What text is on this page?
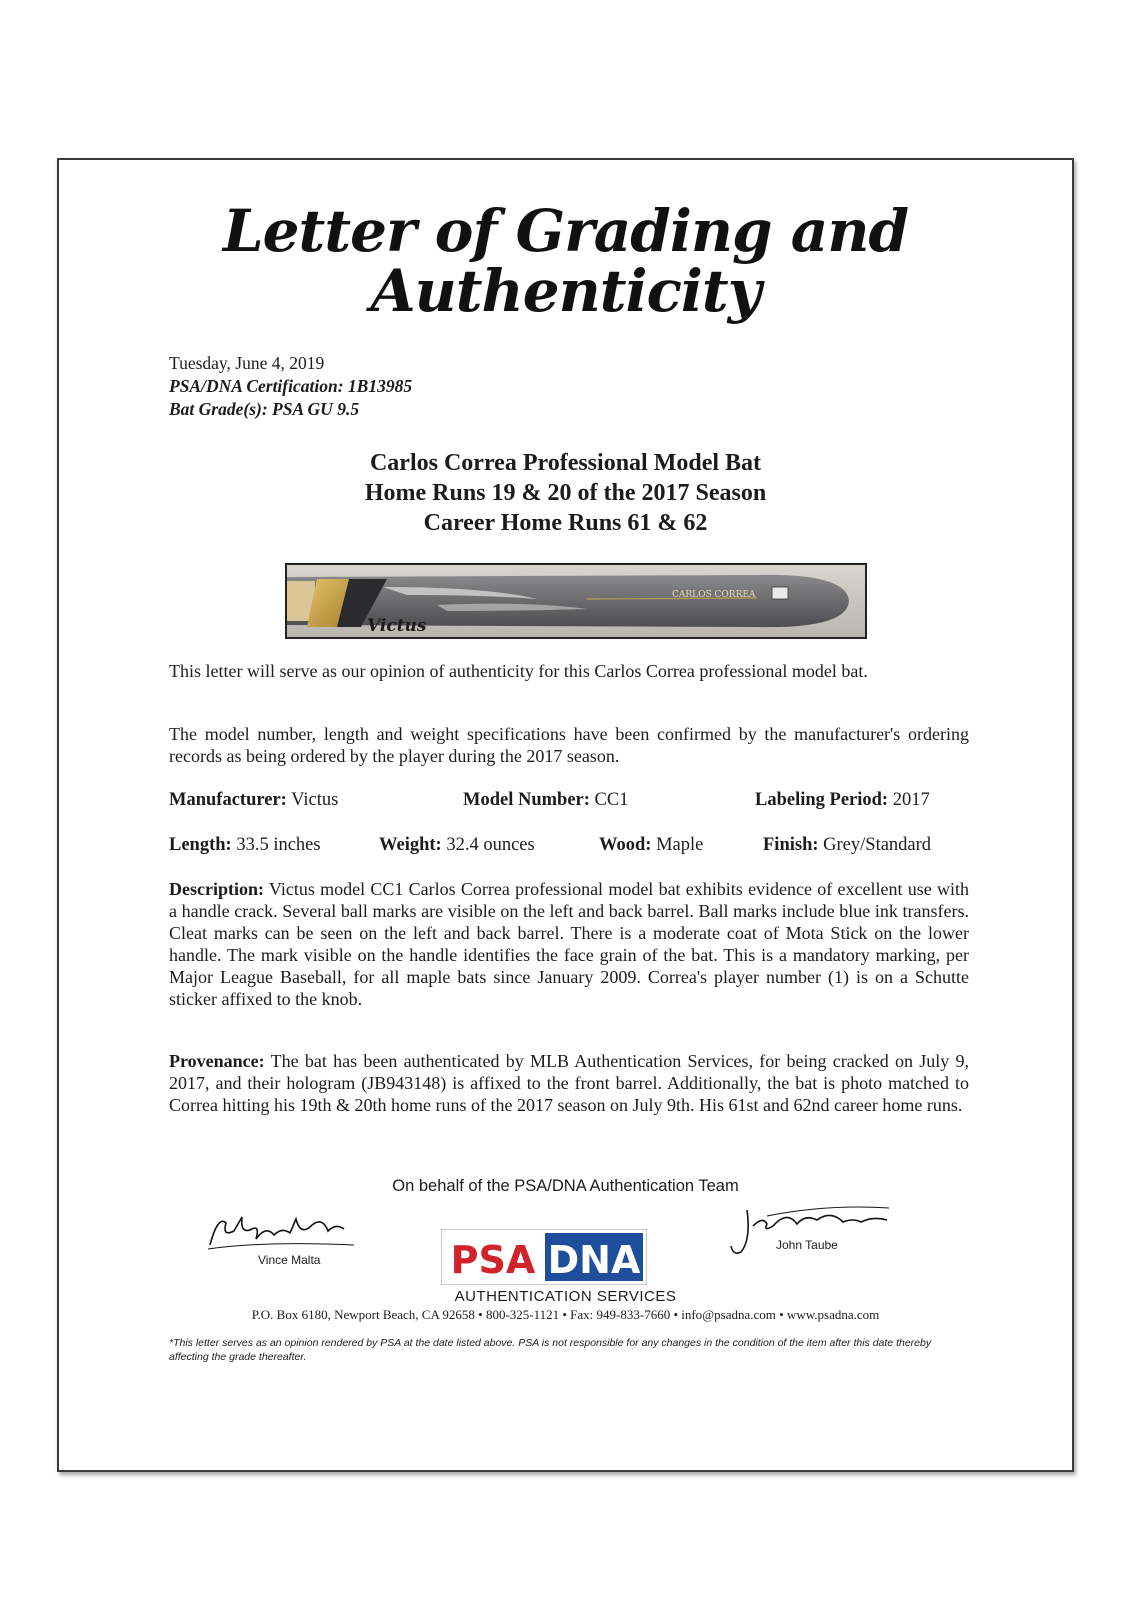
Letter of Grading and
Authenticity
Tuesday, June 4, 2019
PSA/DNA Certification: 1B13985
Bat Grade(s): PSA GU 9.5
Carlos Correa Professional Model Bat
Home Runs 19 & 20 of the 2017 Season
Career Home Runs 61 & 62
Victus
CARLOS CORREA
This letter will serve as our opinion of authenticity for this Carlos Correa professional model bat.
The model number, length and weight specifications have been confirmed by the manufacturer's ordering records as being ordered by the player during the 2017 season.
Manufacturer: Victus	Model Number: CC1	Labeling Period: 2017
Length: 33.5 inches	Weight: 32.4 ounces	Wood: Maple	Finish: Grey/Standard
Description: Victus model CC1 Carlos Correa professional model bat exhibits evidence of excellent use with a handle crack. Several ball marks are visible on the left and back barrel. Ball marks include blue ink transfers. Cleat marks can be seen on the left and back barrel. There is a moderate coat of Mota Stick on the lower handle. The mark visible on the handle identifies the face grain of the bat. This is a mandatory marking, per Major League Baseball, for all maple bats since January 2009. Correa's player number (1) is on a Schutte sticker affixed to the knob.
Provenance: The bat has been authenticated by MLB Authentication Services, for being cracked on July 9, 2017, and their hologram (JB943148) is affixed to the front barrel. Additionally, the bat is photo matched to Correa hitting his 19th & 20th home runs of the 2017 season on July 9th. His 61st and 62nd career home runs.
On behalf of the PSA/DNA Authentication Team
Vince Malta	PSA DNA	John Taube
AUTHENTICATION SERVICES
P.O. Box 6180, Newport Beach, CA 92658 • 800-325-1121 • Fax: 949-833-7660 • info@psadna.com • www.psadna.com
*This letter serves as an opinion rendered by PSA at the date listed above. PSA is not responsible for any changes in the condition of the item after this date thereby affecting the grade thereafter.
